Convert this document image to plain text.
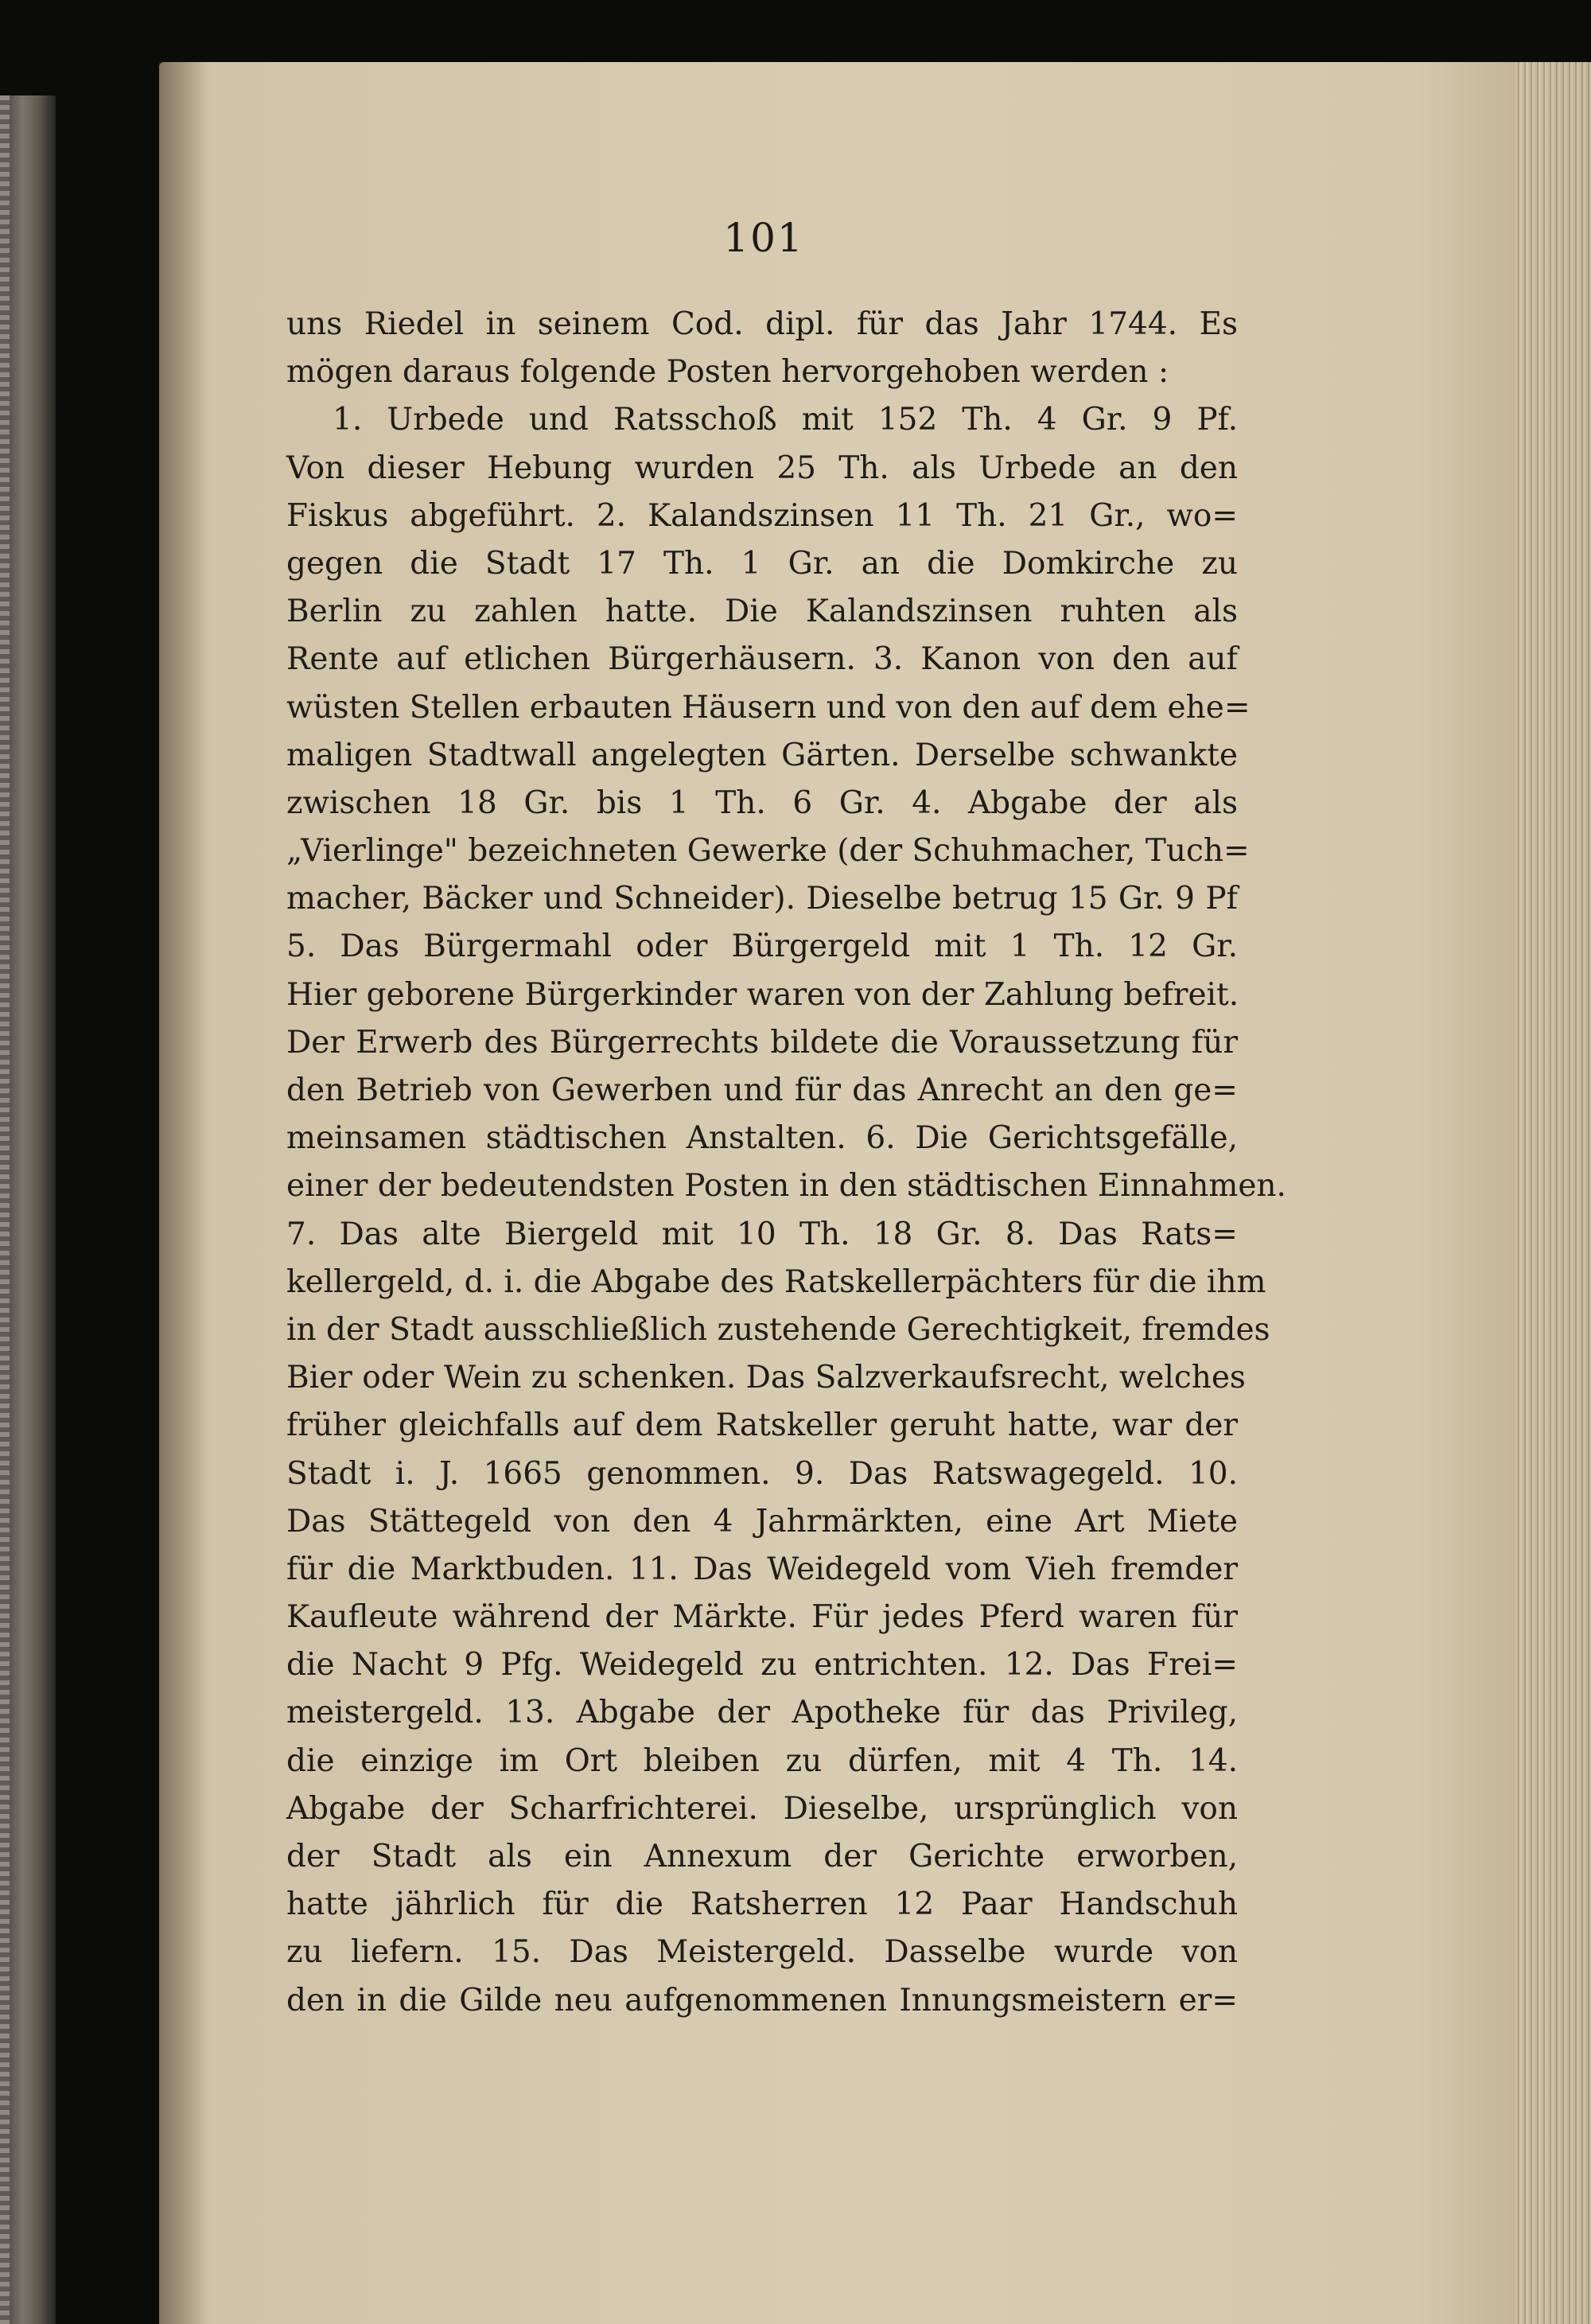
101
uns Riedel in seinem Cod. dipl. für das Jahr 1744. Es
mögen daraus folgende Posten hervorgehoben werden :
1. Urbede und Ratsschoß mit 152 Th. 4 Gr. 9 Pf.
Von dieser Hebung wurden 25 Th. als Urbede an den
Fiskus abgeführt. 2. Kalandszinsen 11 Th. 21 Gr., wo=
gegen die Stadt 17 Th. 1 Gr. an die Domkirche zu
Berlin zu zahlen hatte. Die Kalandszinsen ruhten als
Rente auf etlichen Bürgerhäusern. 3. Kanon von den auf
wüsten Stellen erbauten Häusern und von den auf dem ehe=
maligen Stadtwall angelegten Gärten. Derselbe schwankte
zwischen 18 Gr. bis 1 Th. 6 Gr. 4. Abgabe der als
„Vierlinge" bezeichneten Gewerke (der Schuhmacher, Tuch=
macher, Bäcker und Schneider). Dieselbe betrug 15 Gr. 9 Pf
5. Das Bürgermahl oder Bürgergeld mit 1 Th. 12 Gr.
Hier geborene Bürgerkinder waren von der Zahlung befreit.
Der Erwerb des Bürgerrechts bildete die Voraussetzung für
den Betrieb von Gewerben und für das Anrecht an den ge=
meinsamen städtischen Anstalten. 6. Die Gerichtsgefälle,
einer der bedeutendsten Posten in den städtischen Einnahmen.
7. Das alte Biergeld mit 10 Th. 18 Gr. 8. Das Rats=
kellergeld, d. i. die Abgabe des Ratskellerpächters für die ihm
in der Stadt ausschließlich zustehende Gerechtigkeit, fremdes
Bier oder Wein zu schenken. Das Salzverkaufsrecht, welches
früher gleichfalls auf dem Ratskeller geruht hatte, war der
Stadt i. J. 1665 genommen. 9. Das Ratswagegeld. 10.
Das Stättegeld von den 4 Jahrmärkten, eine Art Miete
für die Marktbuden. 11. Das Weidegeld vom Vieh fremder
Kaufleute während der Märkte. Für jedes Pferd waren für
die Nacht 9 Pfg. Weidegeld zu entrichten. 12. Das Frei=
meistergeld. 13. Abgabe der Apotheke für das Privileg,
die einzige im Ort bleiben zu dürfen, mit 4 Th. 14.
Abgabe der Scharfrichterei. Dieselbe, ursprünglich von
der Stadt als ein Annexum der Gerichte erworben,
hatte jährlich für die Ratsherren 12 Paar Handschuh
zu liefern. 15. Das Meistergeld. Dasselbe wurde von
den in die Gilde neu aufgenommenen Innungsmeistern er=
